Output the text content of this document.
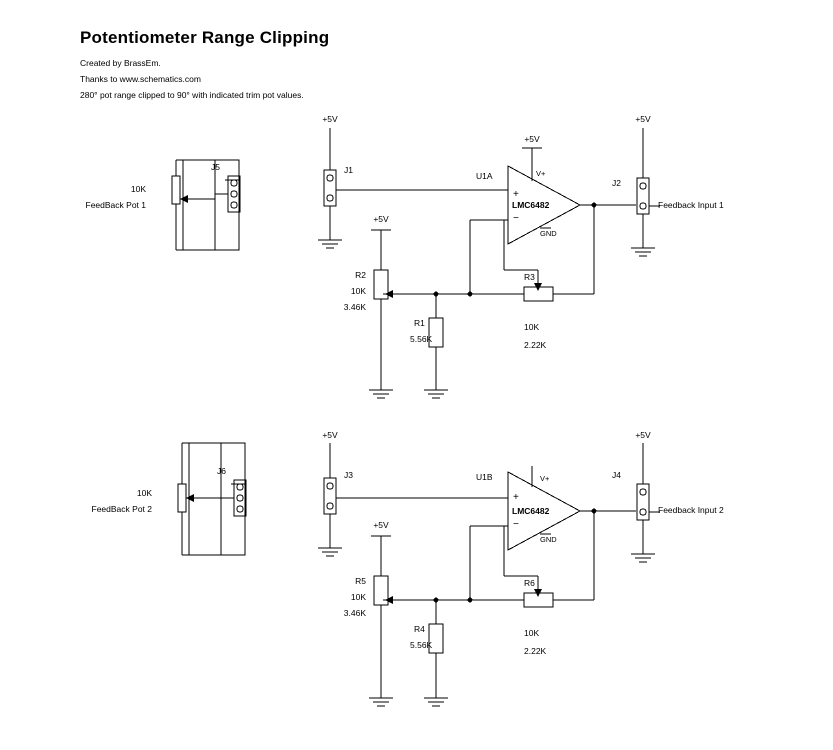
Potentiometer Range Clipping
Created by BrassEm.
Thanks to www.schematics.com
280° pot range clipped to 90° with indicated trim pot values.
10K
FeedBack Pot 1
J5
+5V
J1
U1A
+
−
LMC6482
V+
GND
+5V
J2
+5V
Feedback Input 1
+5V
R2
10K
3.46K
R1
5.56K
R3
10K
2.22K
10K
FeedBack Pot 2
J6
+5V
J3	U1B
+
−
LMC6482
V+
GND
J4
+5V
Feedback Input 2
+5V
R5
10K
3.46K
R4
5.56K
R6
10K
2.22K
